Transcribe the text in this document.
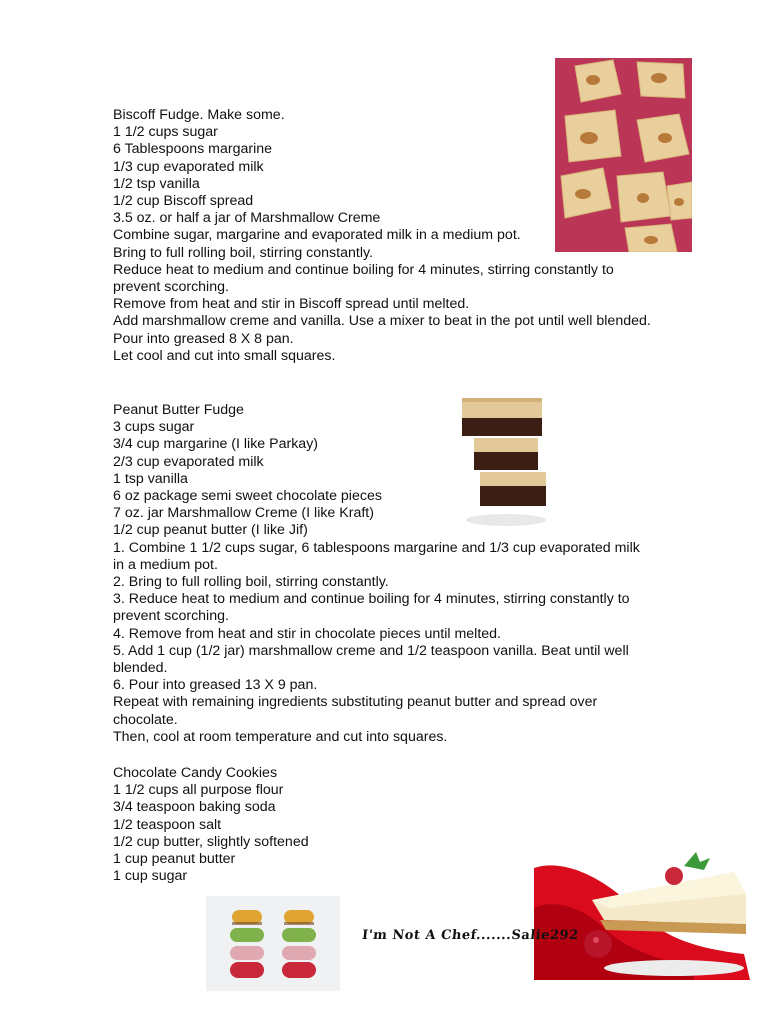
Biscoff Fudge. Make some.

1 1/2 cups sugar

6 Tablespoons margarine

1/3 cup evaporated milk

1/2 tsp vanilla

1/2 cup Biscoff spread

3.5 oz. or half a jar of Marshmallow Creme

Combine sugar, margarine and evaporated milk in a medium pot.

Bring to full rolling boil, stirring constantly.

Reduce heat to medium and continue boiling for 4 minutes, stirring constantly to prevent scorching.

Remove from heat and stir in Biscoff spread until melted.

Add marshmallow creme and vanilla. Use a mixer to beat in the pot until well blended.

Pour into greased 8 X 8 pan.

Let cool and cut into small squares.

Peanut Butter Fudge

3 cups sugar

3/4 cup margarine (I like Parkay)

2/3 cup evaporated milk

1 tsp vanilla

6 oz package semi sweet chocolate pieces

7 oz. jar Marshmallow Creme (I like Kraft)

1/2 cup peanut butter (I like Jif)

1. Combine 1 1/2 cups sugar, 6 tablespoons margarine and 1/3 cup evaporated milk in a medium pot.

2. Bring to full rolling boil, stirring constantly.

3. Reduce heat to medium and continue boiling for 4 minutes, stirring constantly to prevent scorching.

4. Remove from heat and stir in chocolate pieces until melted.

5. Add 1 cup (1/2 jar) marshmallow creme and 1/2 teaspoon vanilla. Beat until well blended.

6. Pour into greased 13 X 9 pan.

Repeat with remaining ingredients substituting peanut butter and spread over chocolate.

Then, cool at room temperature and cut into squares.

Chocolate Candy Cookies

1 1/2 cups all purpose flour

3/4 teaspoon baking soda

1/2 teaspoon salt

1/2 cup butter, slightly softened

1 cup peanut butter

1 cup sugar

I'm Not A Chef.......Salie292
